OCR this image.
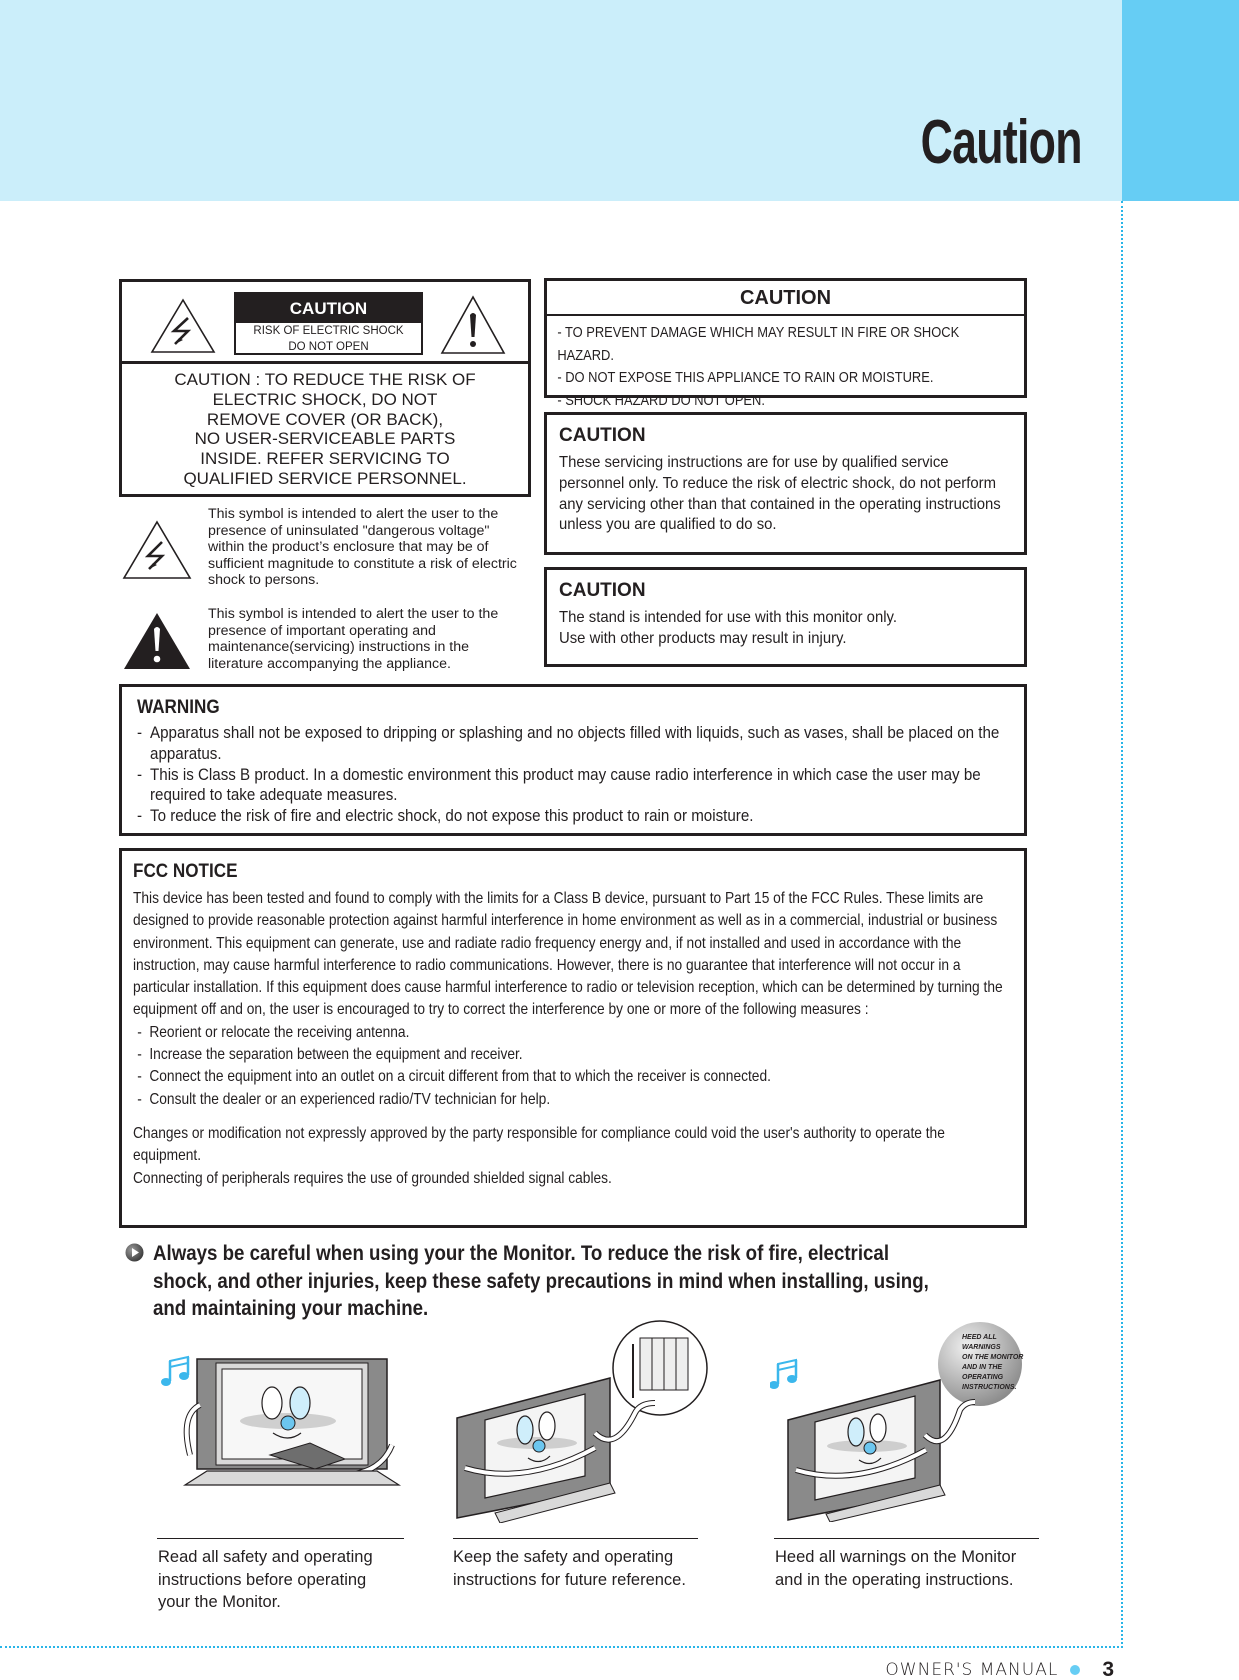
Caution
CAUTION
RISK OF ELECTRIC SHOCK
DO NOT OPEN
CAUTION : TO REDUCE THE RISK OF
ELECTRIC SHOCK, DO NOT
REMOVE COVER (OR BACK),
NO USER-SERVICEABLE PARTS
INSIDE. REFER SERVICING TO
QUALIFIED SERVICE PERSONNEL.
This symbol is intended to alert the user to the presence of uninsulated "dangerous voltage" within the product’s enclosure that may be of sufficient magnitude to constitute a risk of electric shock to persons.
This symbol is intended to alert the user to the presence of important operating and maintenance(servicing) instructions in the literature accompanying the appliance.
CAUTION
- TO PREVENT DAMAGE WHICH MAY RESULT IN FIRE OR SHOCK HAZARD.
- DO NOT EXPOSE THIS APPLIANCE TO RAIN OR MOISTURE.
- SHOCK HAZARD DO NOT OPEN.
CAUTION
These servicing instructions are for use by qualified service personnel only. To reduce the risk of electric shock, do not perform any servicing other than that contained in the operating instructions unless you are qualified to do so.
CAUTION
The stand is intended for use with this monitor only.
Use with other products may result in injury.
WARNING
- Apparatus shall not be exposed to dripping or splashing and no objects filled with liquids, such as vases, shall be placed on the apparatus.
- This is Class B product. In a domestic environment this product may cause radio interference in which case the user may be required to take adequate measures.
- To reduce the risk of fire and electric shock, do not expose this product to rain or moisture.
FCC NOTICE

This device has been tested and found to comply with the limits for a Class B device, pursuant to Part 15 of the FCC Rules. These limits are designed to provide reasonable protection against harmful interference in home environment as well as in a commercial, industrial or business environment. This equipment can generate, use and radiate radio frequency energy and, if not installed and used in accordance with the instruction, may cause harmful interference to radio communications. However, there is no guarantee that interference will not occur in a particular installation. If this equipment does cause harmful interference to radio or television reception, which can be determined by turning the equipment off and on, the user is encouraged to try to correct the interference by one or more of the following measures :

- Reorient or relocate the receiving antenna.
- Increase the separation between the equipment and receiver.
- Connect the equipment into an outlet on a circuit different from that to which the receiver is connected.
- Consult the dealer or an experienced radio/TV technician for help.

Changes or modification not expressly approved by the party responsible for compliance could void the user's authority to operate the equipment.

Connecting of peripherals requires the use of grounded shielded signal cables.

Always be careful when using your the Monitor. To reduce the risk of fire, electrical shock, and other injuries, keep these safety precautions in mind when installing, using, and maintaining your machine.
Read all safety and operating
instructions before operating
your the Monitor.
Keep the safety and operating
instructions for future reference.
HEED ALL WARNINGS ON THE MONITOR AND IN THE OPERATING INSTRUCTIONS.
Heed all warnings on the Monitor
and in the operating instructions.
OWNER'S MANUAL 3
